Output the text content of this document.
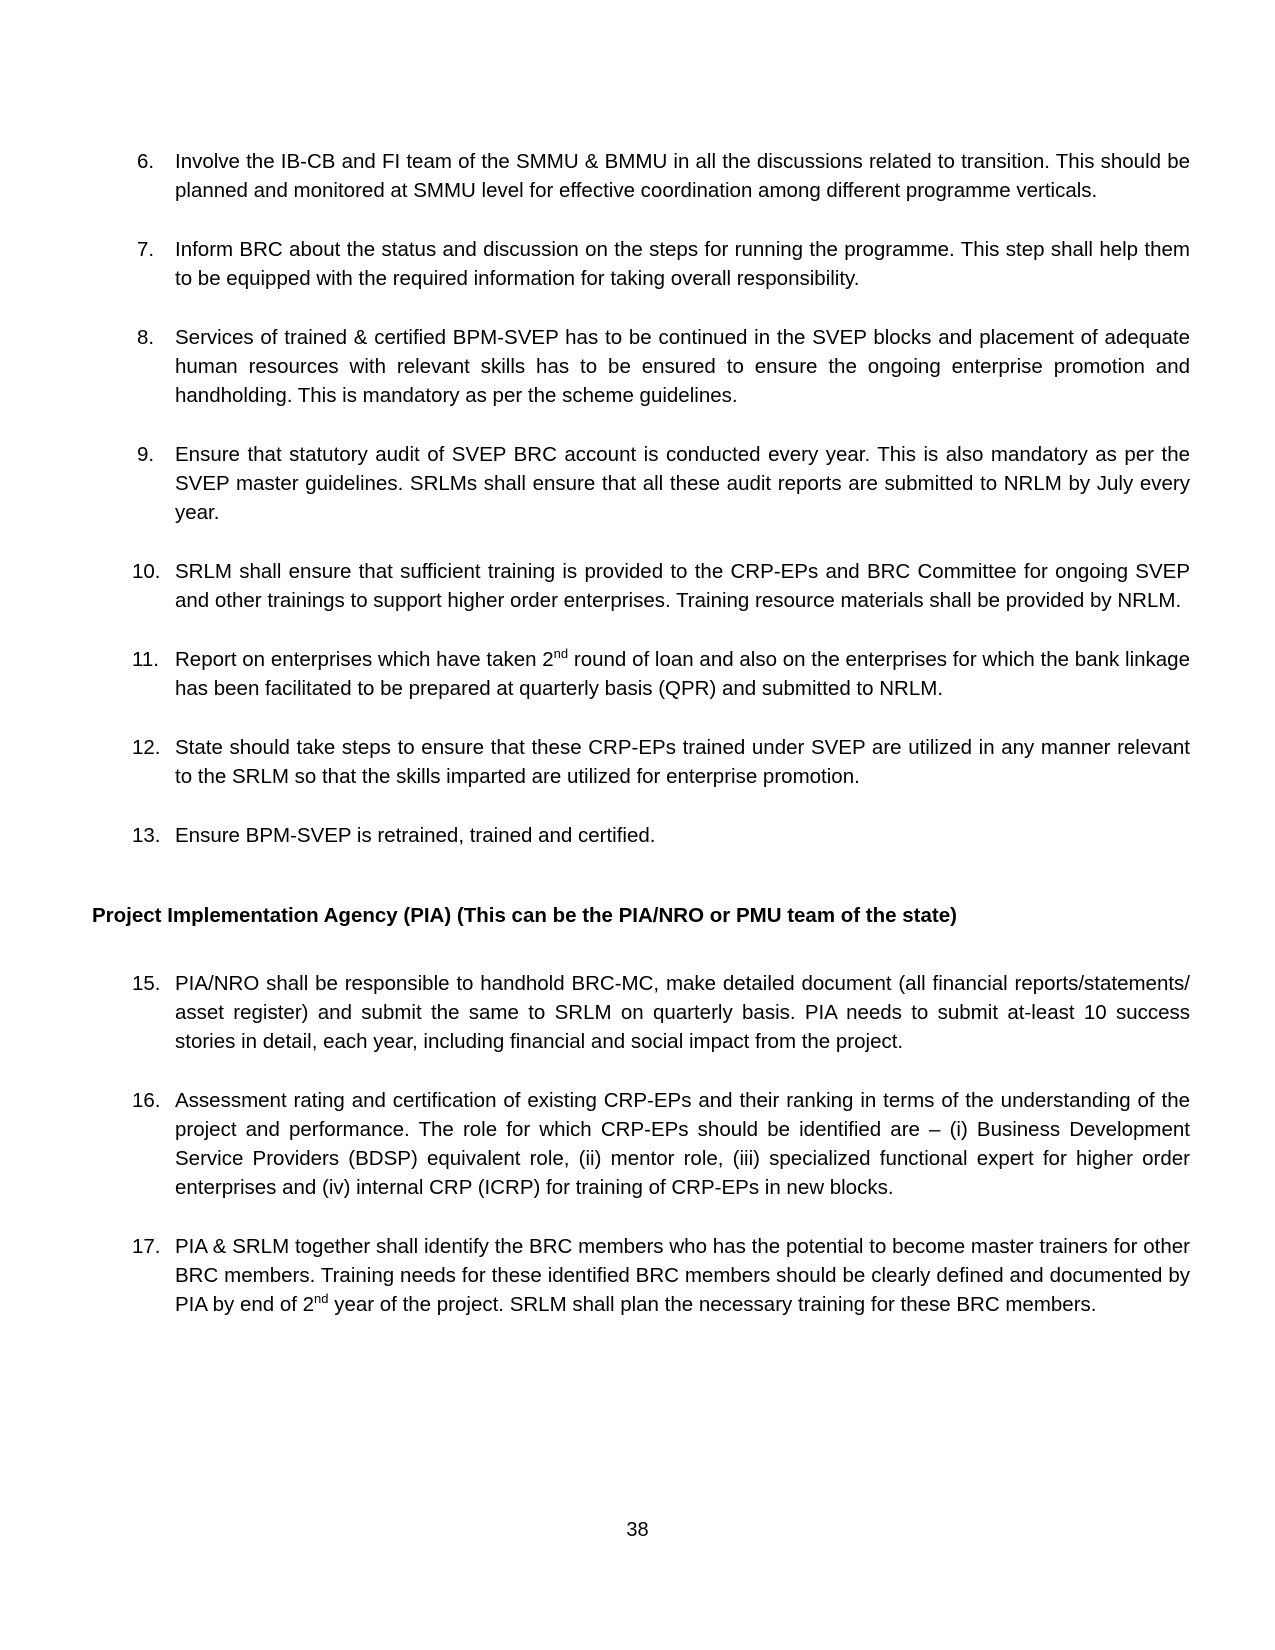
6.	Involve the IB-CB and FI team of the SMMU & BMMU in all the discussions related to transition. This should be planned and monitored at SMMU level for effective coordination among different programme verticals.
7.	Inform BRC about the status and discussion on the steps for running the programme. This step shall help them to be equipped with the required information for taking overall responsibility.
8.	Services of trained & certified BPM-SVEP has to be continued in the SVEP blocks and placement of adequate human resources with relevant skills has to be ensured to ensure the ongoing enterprise promotion and handholding. This is mandatory as per the scheme guidelines.
9.	Ensure that statutory audit of SVEP BRC account is conducted every year. This is also mandatory as per the SVEP master guidelines. SRLMs shall ensure that all these audit reports are submitted to NRLM by July every year.
10. SRLM shall ensure that sufficient training is provided to the CRP-EPs and BRC Committee for ongoing SVEP and other trainings to support higher order enterprises. Training resource materials shall be provided by NRLM.
11. Report on enterprises which have taken 2nd round of loan and also on the enterprises for which the bank linkage has been facilitated to be prepared at quarterly basis (QPR) and submitted to NRLM.
12. State should take steps to ensure that these CRP-EPs trained under SVEP are utilized in any manner relevant to the SRLM so that the skills imparted are utilized for enterprise promotion.
13. Ensure BPM-SVEP is retrained, trained and certified.
Project Implementation Agency (PIA) (This can be the PIA/NRO or PMU team of the state)
15. PIA/NRO shall be responsible to handhold BRC-MC, make detailed document (all financial reports/statements/ asset register) and submit the same to SRLM on quarterly basis. PIA needs to submit at-least 10 success stories in detail, each year, including financial and social impact from the project.
16. Assessment rating and certification of existing CRP-EPs and their ranking in terms of the understanding of the project and performance. The role for which CRP-EPs should be identified are – (i) Business Development Service Providers (BDSP) equivalent role, (ii) mentor role, (iii) specialized functional expert for higher order enterprises and (iv) internal CRP (ICRP) for training of CRP-EPs in new blocks.
17. PIA & SRLM together shall identify the BRC members who has the potential to become master trainers for other BRC members. Training needs for these identified BRC members should be clearly defined and documented by PIA by end of 2nd year of the project. SRLM shall plan the necessary training for these BRC members.
38
